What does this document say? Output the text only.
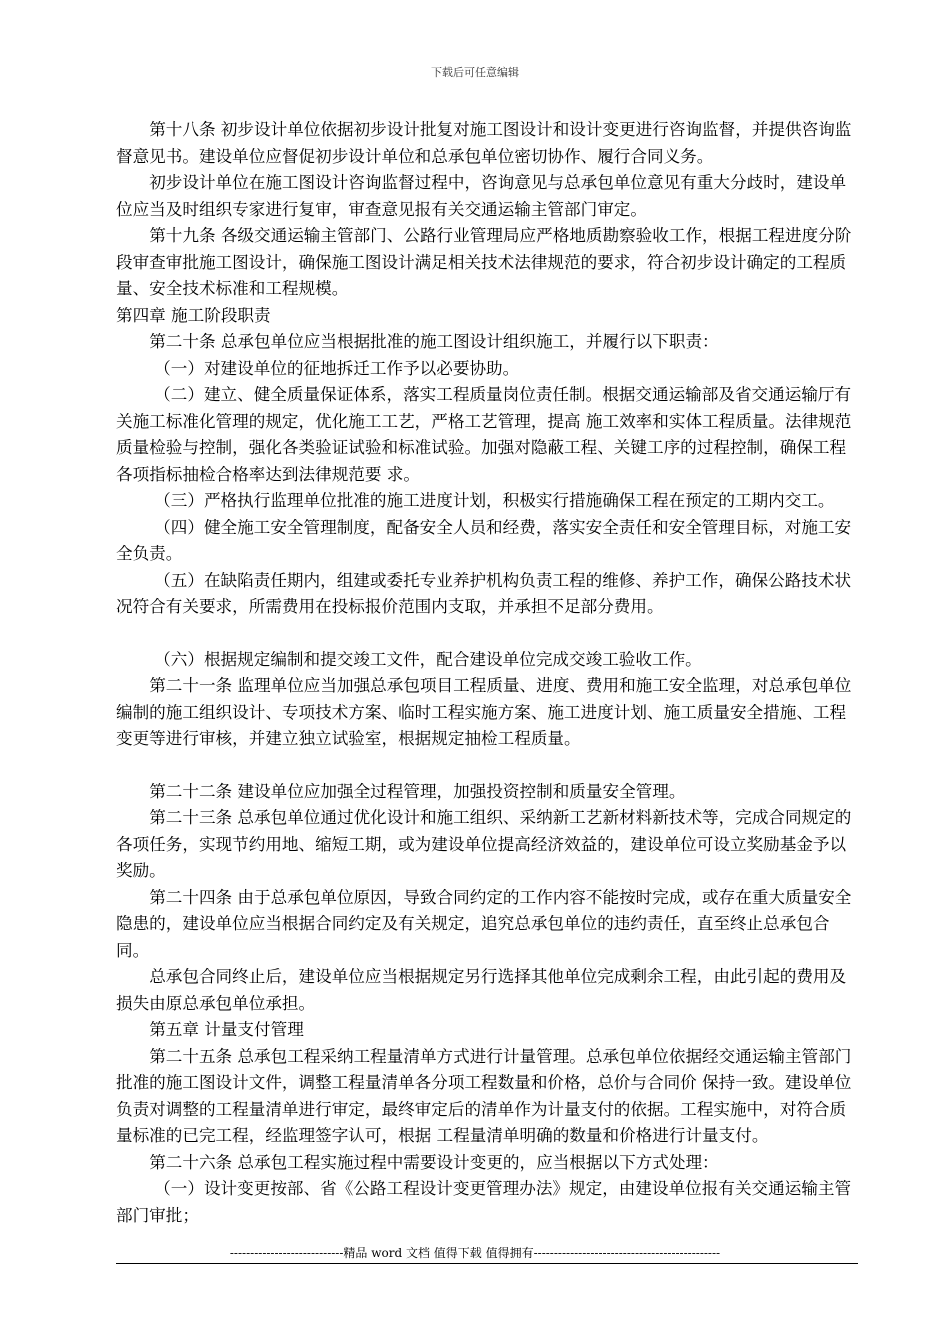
下载后可任意编辑

第十八条 初步设计单位依据初步设计批复对施工图设计和设计变更进行咨询监督，并提供咨询监督意见书。建设单位应督促初步设计单位和总承包单位密切协作、履行合同义务。

初步设计单位在施工图设计咨询监督过程中，咨询意见与总承包单位意见有重大分歧时，建设单位应当及时组织专家进行复审，审查意见报有关交通运输主管部门审定。

第十九条 各级交通运输主管部门、公路行业管理局应严格地质勘察验收工作，根据工程进度分阶段审查审批施工图设计，确保施工图设计满足相关技术法律规范的要求，符合初步设计确定的工程质量、安全技术标准和工程规模。

第四章 施工阶段职责

第二十条 总承包单位应当根据批准的施工图设计组织施工，并履行以下职责：

（一）对建设单位的征地拆迁工作予以必要协助。

（二）建立、健全质量保证体系，落实工程质量岗位责任制。根据交通运输部及省交通运输厅有关施工标准化管理的规定，优化施工工艺，严格工艺管理，提高 施工效率和实体工程质量。法律规范质量检验与控制，强化各类验证试验和标准试验。加强对隐蔽工程、关键工序的过程控制，确保工程各项指标抽检合格率达到法律规范要 求。

（三）严格执行监理单位批准的施工进度计划，积极实行措施确保工程在预定的工期内交工。

（四）健全施工安全管理制度，配备安全人员和经费，落实安全责任和安全管理目标，对施工安全负责。

（五）在缺陷责任期内，组建或委托专业养护机构负责工程的维修、养护工作，确保公路技术状况符合有关要求，所需费用在投标报价范围内支取，并承担不足部分费用。

（六）根据规定编制和提交竣工文件，配合建设单位完成交竣工验收工作。

第二十一条 监理单位应当加强总承包项目工程质量、进度、费用和施工安全监理，对总承包单位编制的施工组织设计、专项技术方案、临时工程实施方案、施工进度计划、施工质量安全措施、工程变更等进行审核，并建立独立试验室，根据规定抽检工程质量。

第二十二条 建设单位应加强全过程管理，加强投资控制和质量安全管理。

第二十三条 总承包单位通过优化设计和施工组织、采纳新工艺新材料新技术等，完成合同规定的各项任务，实现节约用地、缩短工期，或为建设单位提高经济效益的，建设单位可设立奖励基金予以奖励。

第二十四条 由于总承包单位原因，导致合同约定的工作内容不能按时完成，或存在重大质量安全隐患的，建设单位应当根据合同约定及有关规定，追究总承包单位的违约责任，直至终止总承包合同。

总承包合同终止后，建设单位应当根据规定另行选择其他单位完成剩余工程，由此引起的费用及损失由原总承包单位承担。

第五章 计量支付管理

第二十五条 总承包工程采纳工程量清单方式进行计量管理。总承包单位依据经交通运输主管部门批准的施工图设计文件，调整工程量清单各分项工程数量和价格，总价与合同价 保持一致。建设单位负责对调整的工程量清单进行审定，最终审定后的清单作为计量支付的依据。工程实施中，对符合质量标准的已完工程，经监理签字认可，根据 工程量清单明确的数量和价格进行计量支付。

第二十六条 总承包工程实施过程中需要设计变更的，应当根据以下方式处理：

（一）设计变更按部、省《公路工程设计变更管理办法》规定，由建设单位报有关交通运输主管部门审批；

----------------------------精品 word 文档 值得下载 值得拥有----------------------------------------------
